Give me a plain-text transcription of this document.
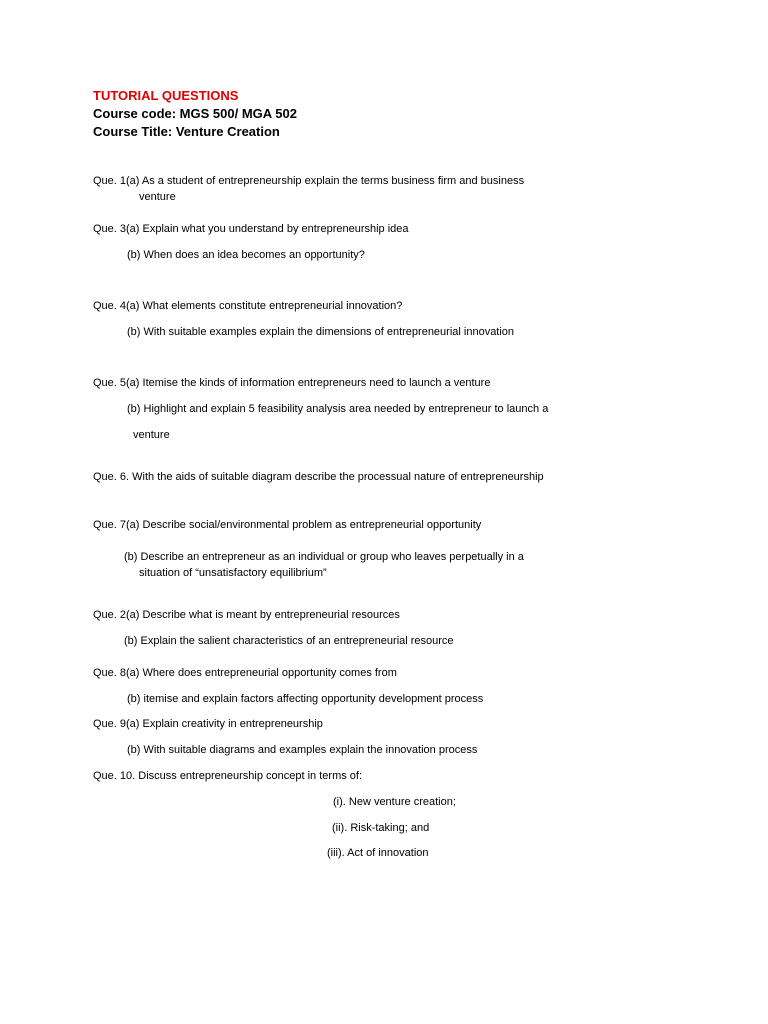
TUTORIAL QUESTIONS
Course code: MGS 500/ MGA 502
Course Title: Venture Creation
Que. 1(a) As a student of entrepreneurship explain the terms business firm and business
venture
Que. 3(a) Explain what you understand by entrepreneurship idea
(b) When does an idea becomes an opportunity?
Que. 4(a) What elements constitute entrepreneurial innovation?
(b) With suitable examples explain the dimensions of entrepreneurial innovation
Que. 5(a) Itemise the kinds of information entrepreneurs need to launch a venture
(b) Highlight and explain 5 feasibility analysis area needed by entrepreneur to launch a
venture
Que. 6. With the aids of suitable diagram describe the processual nature of entrepreneurship
Que. 7(a) Describe social/environmental problem as entrepreneurial opportunity
(b) Describe an entrepreneur as an individual or group who leaves perpetually in a
situation of “unsatisfactory equilibrium”
Que. 2(a) Describe what is meant by entrepreneurial resources
(b) Explain the salient characteristics of an entrepreneurial resource
Que. 8(a) Where does entrepreneurial opportunity comes from
(b) itemise and explain factors affecting opportunity development process
Que. 9(a) Explain creativity in entrepreneurship
(b) With suitable diagrams and examples explain the innovation process
Que. 10. Discuss entrepreneurship concept in terms of:
(i). New venture creation;
(ii). Risk-taking; and
(iii). Act of innovation
